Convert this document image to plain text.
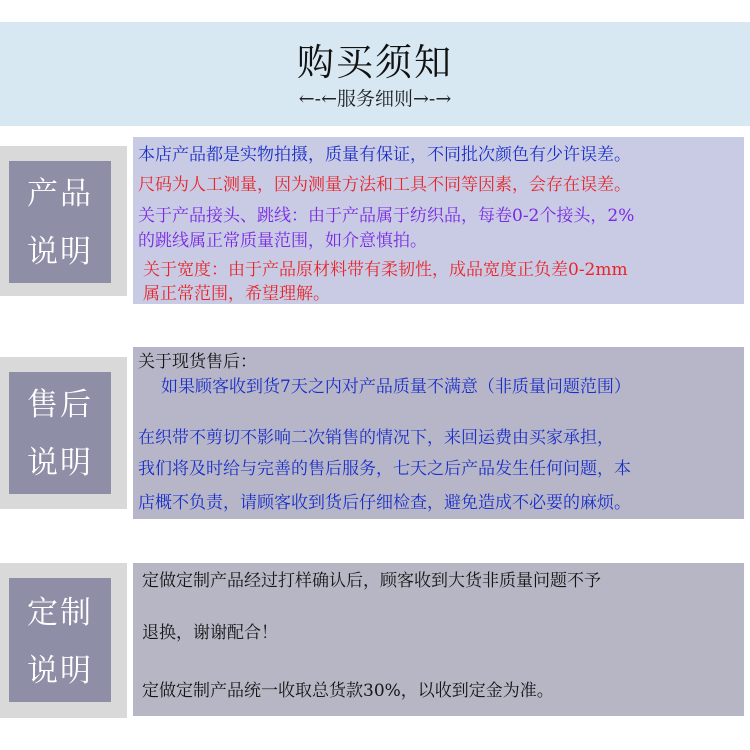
购买须知
←-←服务细则→-→
产品
说明
本店产品都是实物拍摄，质量有保证，不同批次颜色有少许误差。
尺码为人工测量，因为测量方法和工具不同等因素，会存在误差。
关于产品接头、跳线：由于产品属于纺织品，每卷0-2个接头，2%
的跳线属正常质量范围，如介意慎拍。
关于宽度：由于产品原材料带有柔韧性，成品宽度正负差0-2mm
属正常范围，希望理解。
售后
说明
关于现货售后：
如果顾客收到货7天之内对产品质量不满意（非质量问题范围）
在织带不剪切不影响二次销售的情况下，来回运费由买家承担，
我们将及时给与完善的售后服务，七天之后产品发生任何问题，本
店概不负责，请顾客收到货后仔细检查，避免造成不必要的麻烦。
定制
说明
定做定制产品经过打样确认后，顾客收到大货非质量问题不予
退换，谢谢配合！
定做定制产品统一收取总货款30%，以收到定金为准。
